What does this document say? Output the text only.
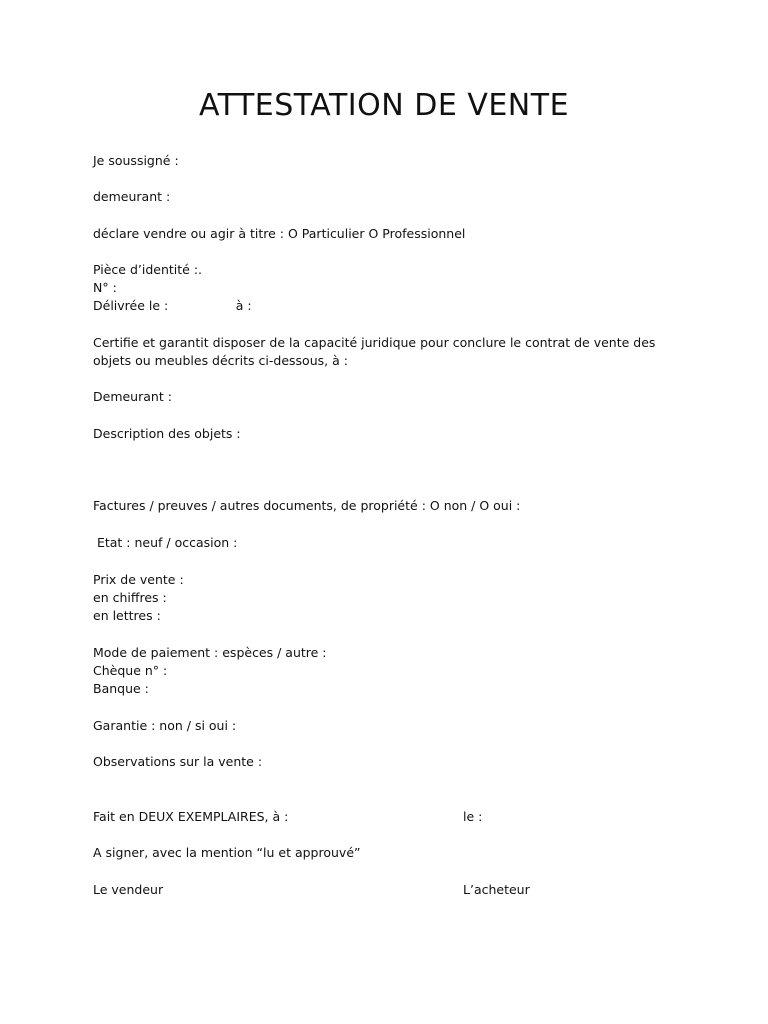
ATTESTATION DE VENTE
Je soussigné :
demeurant :
déclare vendre ou agir à titre : O Particulier O Professionnel
Pièce d’identité :.
N° :
Délivrée le :                 à :
Certifie et garantit disposer de la capacité juridique pour conclure le contrat de vente des
objets ou meubles décrits ci-dessous, à :
Demeurant :
Description des objets :
Factures / preuves / autres documents, de propriété : O non / O oui :
Etat : neuf / occasion :
Prix de vente :
en chiffres :
en lettres :
Mode de paiement : espèces / autre :
Chèque n° :
Banque :
Garantie : non / si oui :
Observations sur la vente :
Fait en DEUX EXEMPLAIRES, à :	le :
A signer, avec la mention “lu et approuvé”
Le vendeur	L’acheteur
